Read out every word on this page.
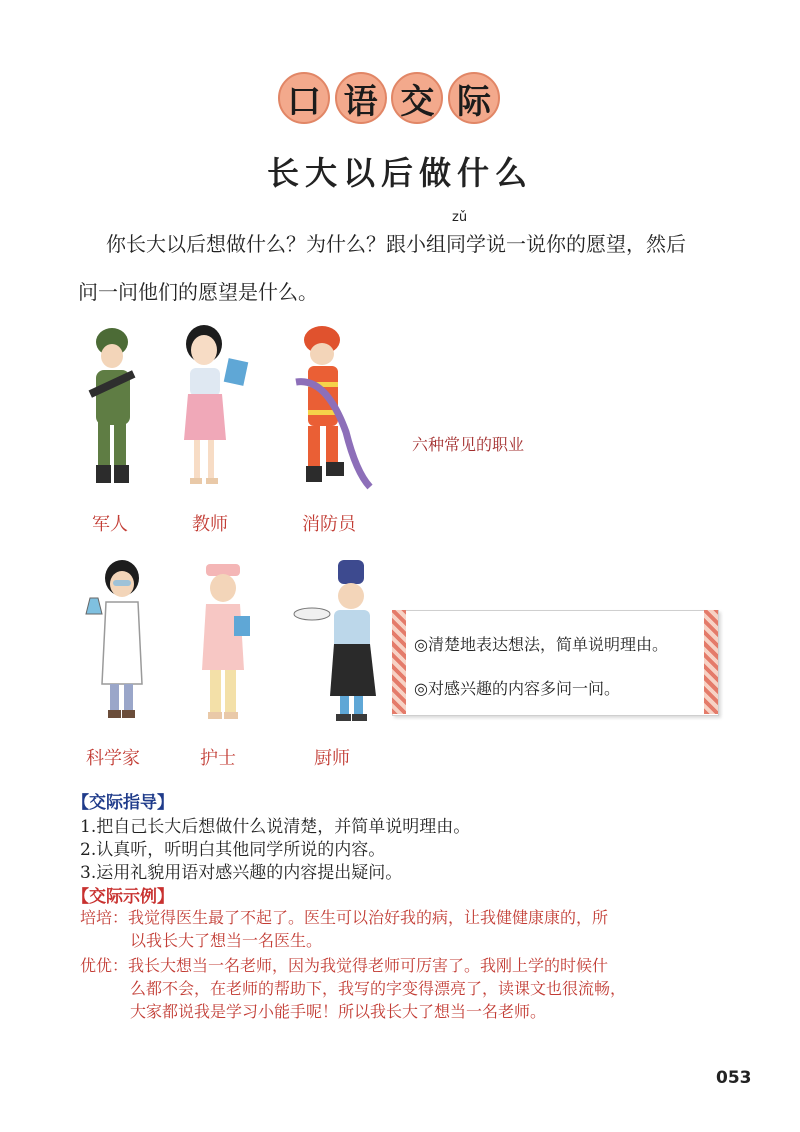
口 语 交 际
长大以后做什么
zǔ
你长大以后想做什么？为什么？跟小组同学说一说你的愿望，然后
问一问他们的愿望是什么。
军人	教师	消防员
六种常见的职业
科学家	护士	厨师
◎清楚地表达想法，简单说明理由。
◎对感兴趣的内容多问一问。
【交际指导】
1.把自己长大后想做什么说清楚，并简单说明理由。
2.认真听，听明白其他同学所说的内容。
3.运用礼貌用语对感兴趣的内容提出疑问。
【交际示例】
培培：我觉得医生最了不起了。医生可以治好我的病，让我健健康康的，所
以我长大了想当一名医生。
优优：我长大想当一名老师，因为我觉得老师可厉害了。我刚上学的时候什
么都不会，在老师的帮助下，我写的字变得漂亮了，读课文也很流畅，
大家都说我是学习小能手呢！所以我长大了想当一名老师。
053
